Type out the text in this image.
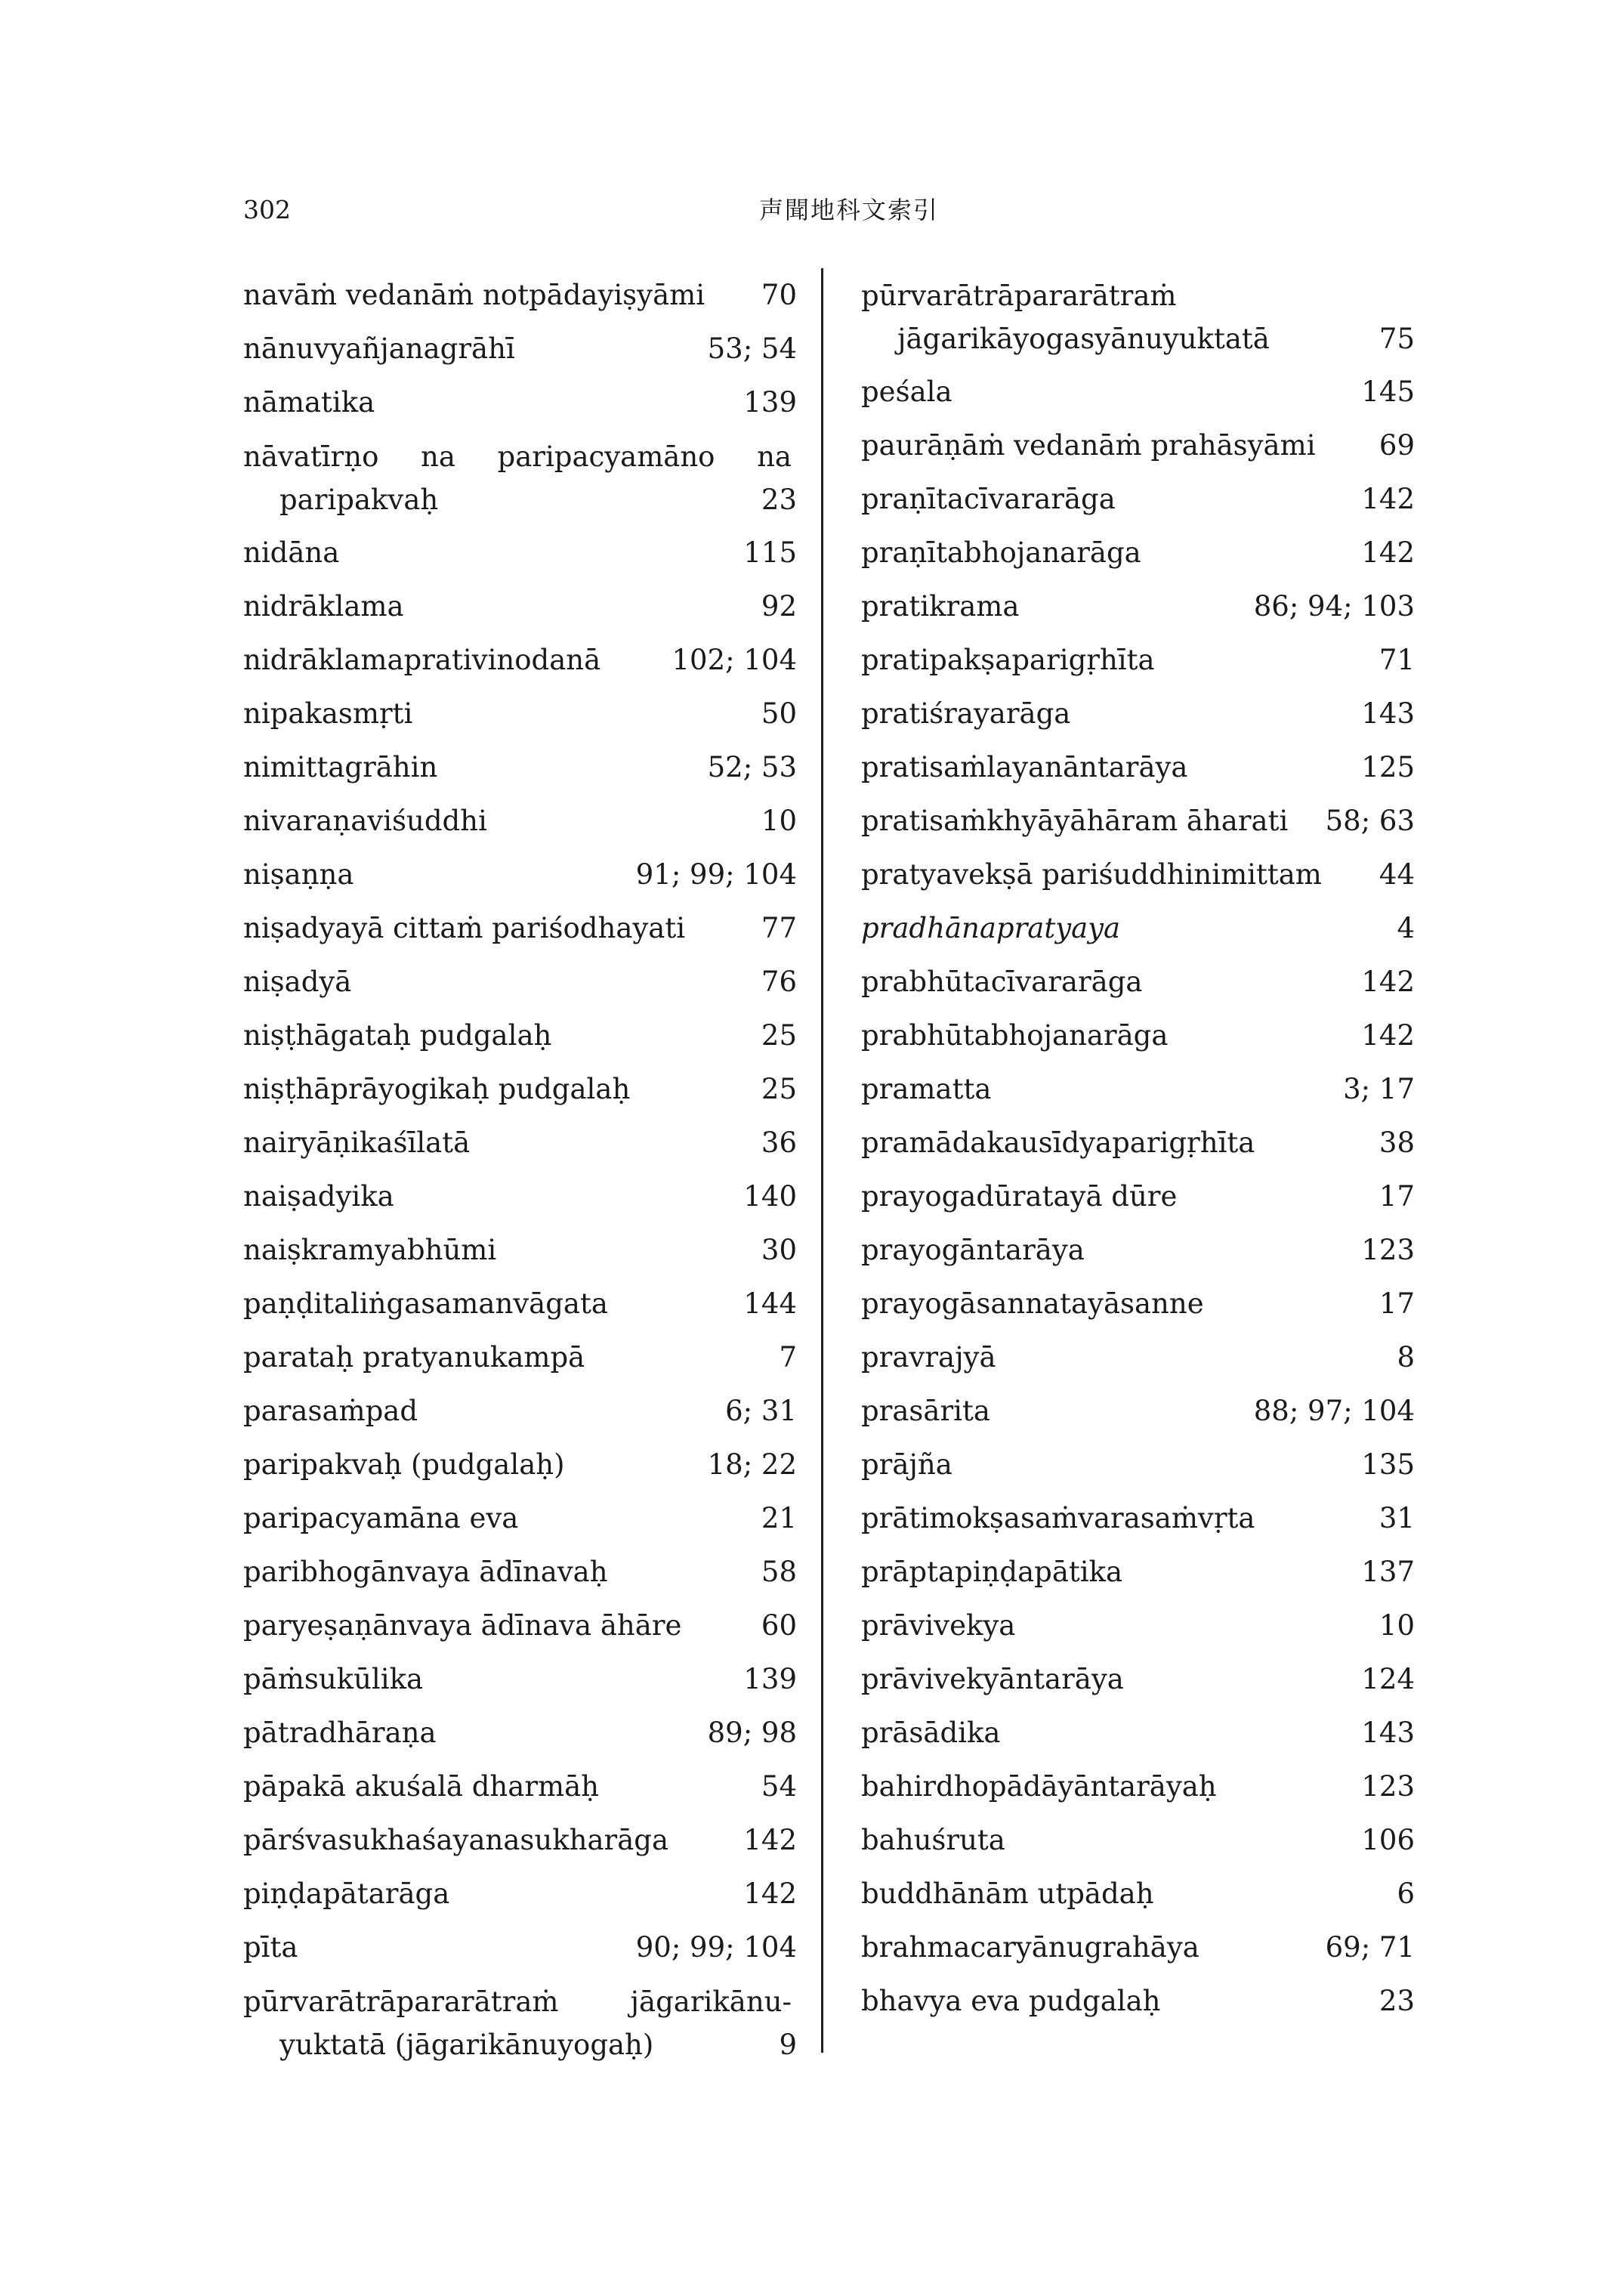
302	声聞地科文索引
navāṁ vedanāṁ notpādayiṣyāmi 70
nānuvyañjanagrāhī	53; 54
nāmatika	139
nāvatīrṇo na paripacyamāno na
paripakvaḥ	23
nidāna	115
nidrāklama	92
nidrāklamaprativinodanā	102; 104
nipakasmṛti	50
nimittagrāhin	52; 53
nivaraṇaviśuddhi	10
niṣaṇṇa	91; 99; 104
niṣadyayā cittaṁ pariśodhayati	77
niṣadyā	76
niṣṭhāgataḥ pudgalaḥ	25
niṣṭhāprāyogikaḥ pudgalaḥ	25
nairyāṇikaśīlatā	36
naiṣadyika	140
naiṣkramyabhūmi	30
paṇḍitaliṅgasamanvāgata	144
parataḥ pratyanukampā	7
parasaṁpad	6; 31
paripakvaḥ (pudgalaḥ)	18; 22
paripacyamāna eva	21
paribhogānvaya ādīnavaḥ	58
paryeṣaṇānvaya ādīnava āhāre	60
pāṁsukūlika	139
pātradhāraṇa	89; 98
pāpakā akuśalā dharmāḥ	54
pārśvasukhaśayanasukharāga	142
piṇḍapātarāga	142
pīta	90; 99; 104
pūrvarātrāpararātraṁ jāgarikānu-
yuktatā (jāgarikānuyogaḥ)	9
pūrvarātrāpararātraṁ
jāgarikāyogasyānuyuktatā	75
peśala	145
paurāṇāṁ vedanāṁ prahāsyāmi 69
praṇītacīvararāga	142
praṇītabhojanarāga	142
pratikrama	86; 94; 103
pratipakṣaparigṛhīta	71
pratiśrayarāga	143
pratisaṁlayanāntarāya	125
pratisaṁkhyāyāhāram āharati 58; 63
pratyavekṣā pariśuddhinimittam 44
pradhānapratyaya	4
prabhūtacīvararāga	142
prabhūtabhojanarāga	142
pramatta	3; 17
pramādakausīdyaparigṛhīta	38
prayogadūratayā dūre	17
prayogāntarāya	123
prayogāsannatayāsanne	17
pravrajyā	8
prasārita	88; 97; 104
prājña	135
prātimokṣasaṁvarasaṁvṛta	31
prāptapiṇḍapātika	137
prāvivekya	10
prāvivekyāntarāya	124
prāsādika	143
bahirdhopādāyāntarāyaḥ	123
bahuśruta	106
buddhānām utpādaḥ	6
brahmacaryānugrahāya	69; 71
bhavya eva pudgalaḥ	23
